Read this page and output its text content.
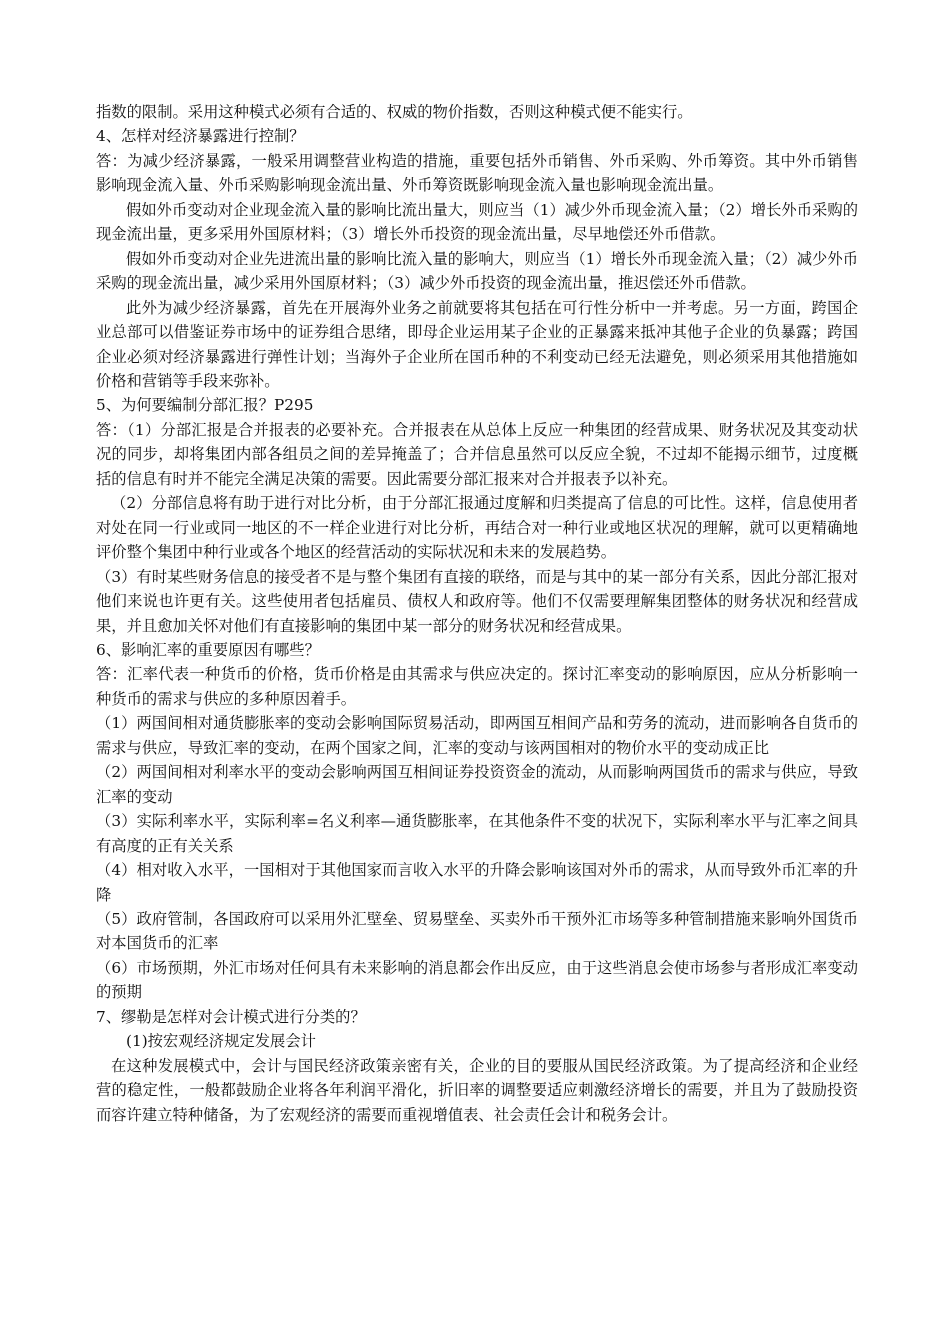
指数的限制。采用这种模式必须有合适的、权威的物价指数，否则这种模式便不能实行。

4、怎样对经济暴露进行控制？

答：为减少经济暴露，一般采用调整营业构造的措施，重要包括外币销售、外币采购、外币筹资。其中外币销售影响现金流入量、外币采购影响现金流出量、外币筹资既影响现金流入量也影响现金流出量。

假如外币变动对企业现金流入量的影响比流出量大，则应当（1）减少外币现金流入量；（2）增长外币采购的现金流出量，更多采用外国原材料；（3）增长外币投资的现金流出量，尽早地偿还外币借款。

假如外币变动对企业先进流出量的影响比流入量的影响大，则应当（1）增长外币现金流入量；（2）减少外币采购的现金流出量，减少采用外国原材料；（3）减少外币投资的现金流出量，推迟偿还外币借款。

此外为减少经济暴露，首先在开展海外业务之前就要将其包括在可行性分析中一并考虑。另一方面，跨国企业总部可以借鉴证券市场中的证券组合思绪，即母企业运用某子企业的正暴露来抵冲其他子企业的负暴露；跨国企业必须对经济暴露进行弹性计划；当海外子企业所在国币种的不利变动已经无法避免，则必须采用其他措施如价格和营销等手段来弥补。

5、为何要编制分部汇报？P295

答：（1）分部汇报是合并报表的必要补充。合并报表在从总体上反应一种集团的经营成果、财务状况及其变动状况的同步，却将集团内部各组员之间的差异掩盖了；合并信息虽然可以反应全貌，不过却不能揭示细节，过度概括的信息有时并不能完全满足决策的需要。因此需要分部汇报来对合并报表予以补充。

（2）分部信息将有助于进行对比分析，由于分部汇报通过度解和归类提高了信息的可比性。这样，信息使用者对处在同一行业或同一地区的不一样企业进行对比分析，再结合对一种行业或地区状况的理解，就可以更精确地评价整个集团中种行业或各个地区的经营活动的实际状况和未来的发展趋势。

（3）有时某些财务信息的接受者不是与整个集团有直接的联络，而是与其中的某一部分有关系，因此分部汇报对他们来说也许更有关。这些使用者包括雇员、债权人和政府等。他们不仅需要理解集团整体的财务状况和经营成果，并且愈加关怀对他们有直接影响的集团中某一部分的财务状况和经营成果。

6、影响汇率的重要原因有哪些？

答：汇率代表一种货币的价格，货币价格是由其需求与供应决定的。探讨汇率变动的影响原因，应从分析影响一种货币的需求与供应的多种原因着手。

（1）两国间相对通货膨胀率的变动会影响国际贸易活动，即两国互相间产品和劳务的流动，进而影响各自货币的需求与供应，导致汇率的变动，在两个国家之间，汇率的变动与该两国相对的物价水平的变动成正比

（2）两国间相对利率水平的变动会影响两国互相间证券投资资金的流动，从而影响两国货币的需求与供应，导致汇率的变动

（3）实际利率水平，实际利率=名义利率—通货膨胀率，在其他条件不变的状况下，实际利率水平与汇率之间具有高度的正有关关系

（4）相对收入水平，一国相对于其他国家而言收入水平的升降会影响该国对外币的需求，从而导致外币汇率的升降

（5）政府管制，各国政府可以采用外汇壁垒、贸易壁垒、买卖外币干预外汇市场等多种管制措施来影响外国货币对本国货币的汇率

（6）市场预期，外汇市场对任何具有未来影响的消息都会作出反应，由于这些消息会使市场参与者形成汇率变动的预期

7、缪勒是怎样对会计模式进行分类的？

(1)按宏观经济规定发展会计

在这种发展模式中，会计与国民经济政策亲密有关，企业的目的要服从国民经济政策。为了提高经济和企业经营的稳定性，一般都鼓励企业将各年利润平滑化，折旧率的调整要适应刺激经济增长的需要，并且为了鼓励投资而容许建立特种储备，为了宏观经济的需要而重视增值表、社会责任会计和税务会计。
